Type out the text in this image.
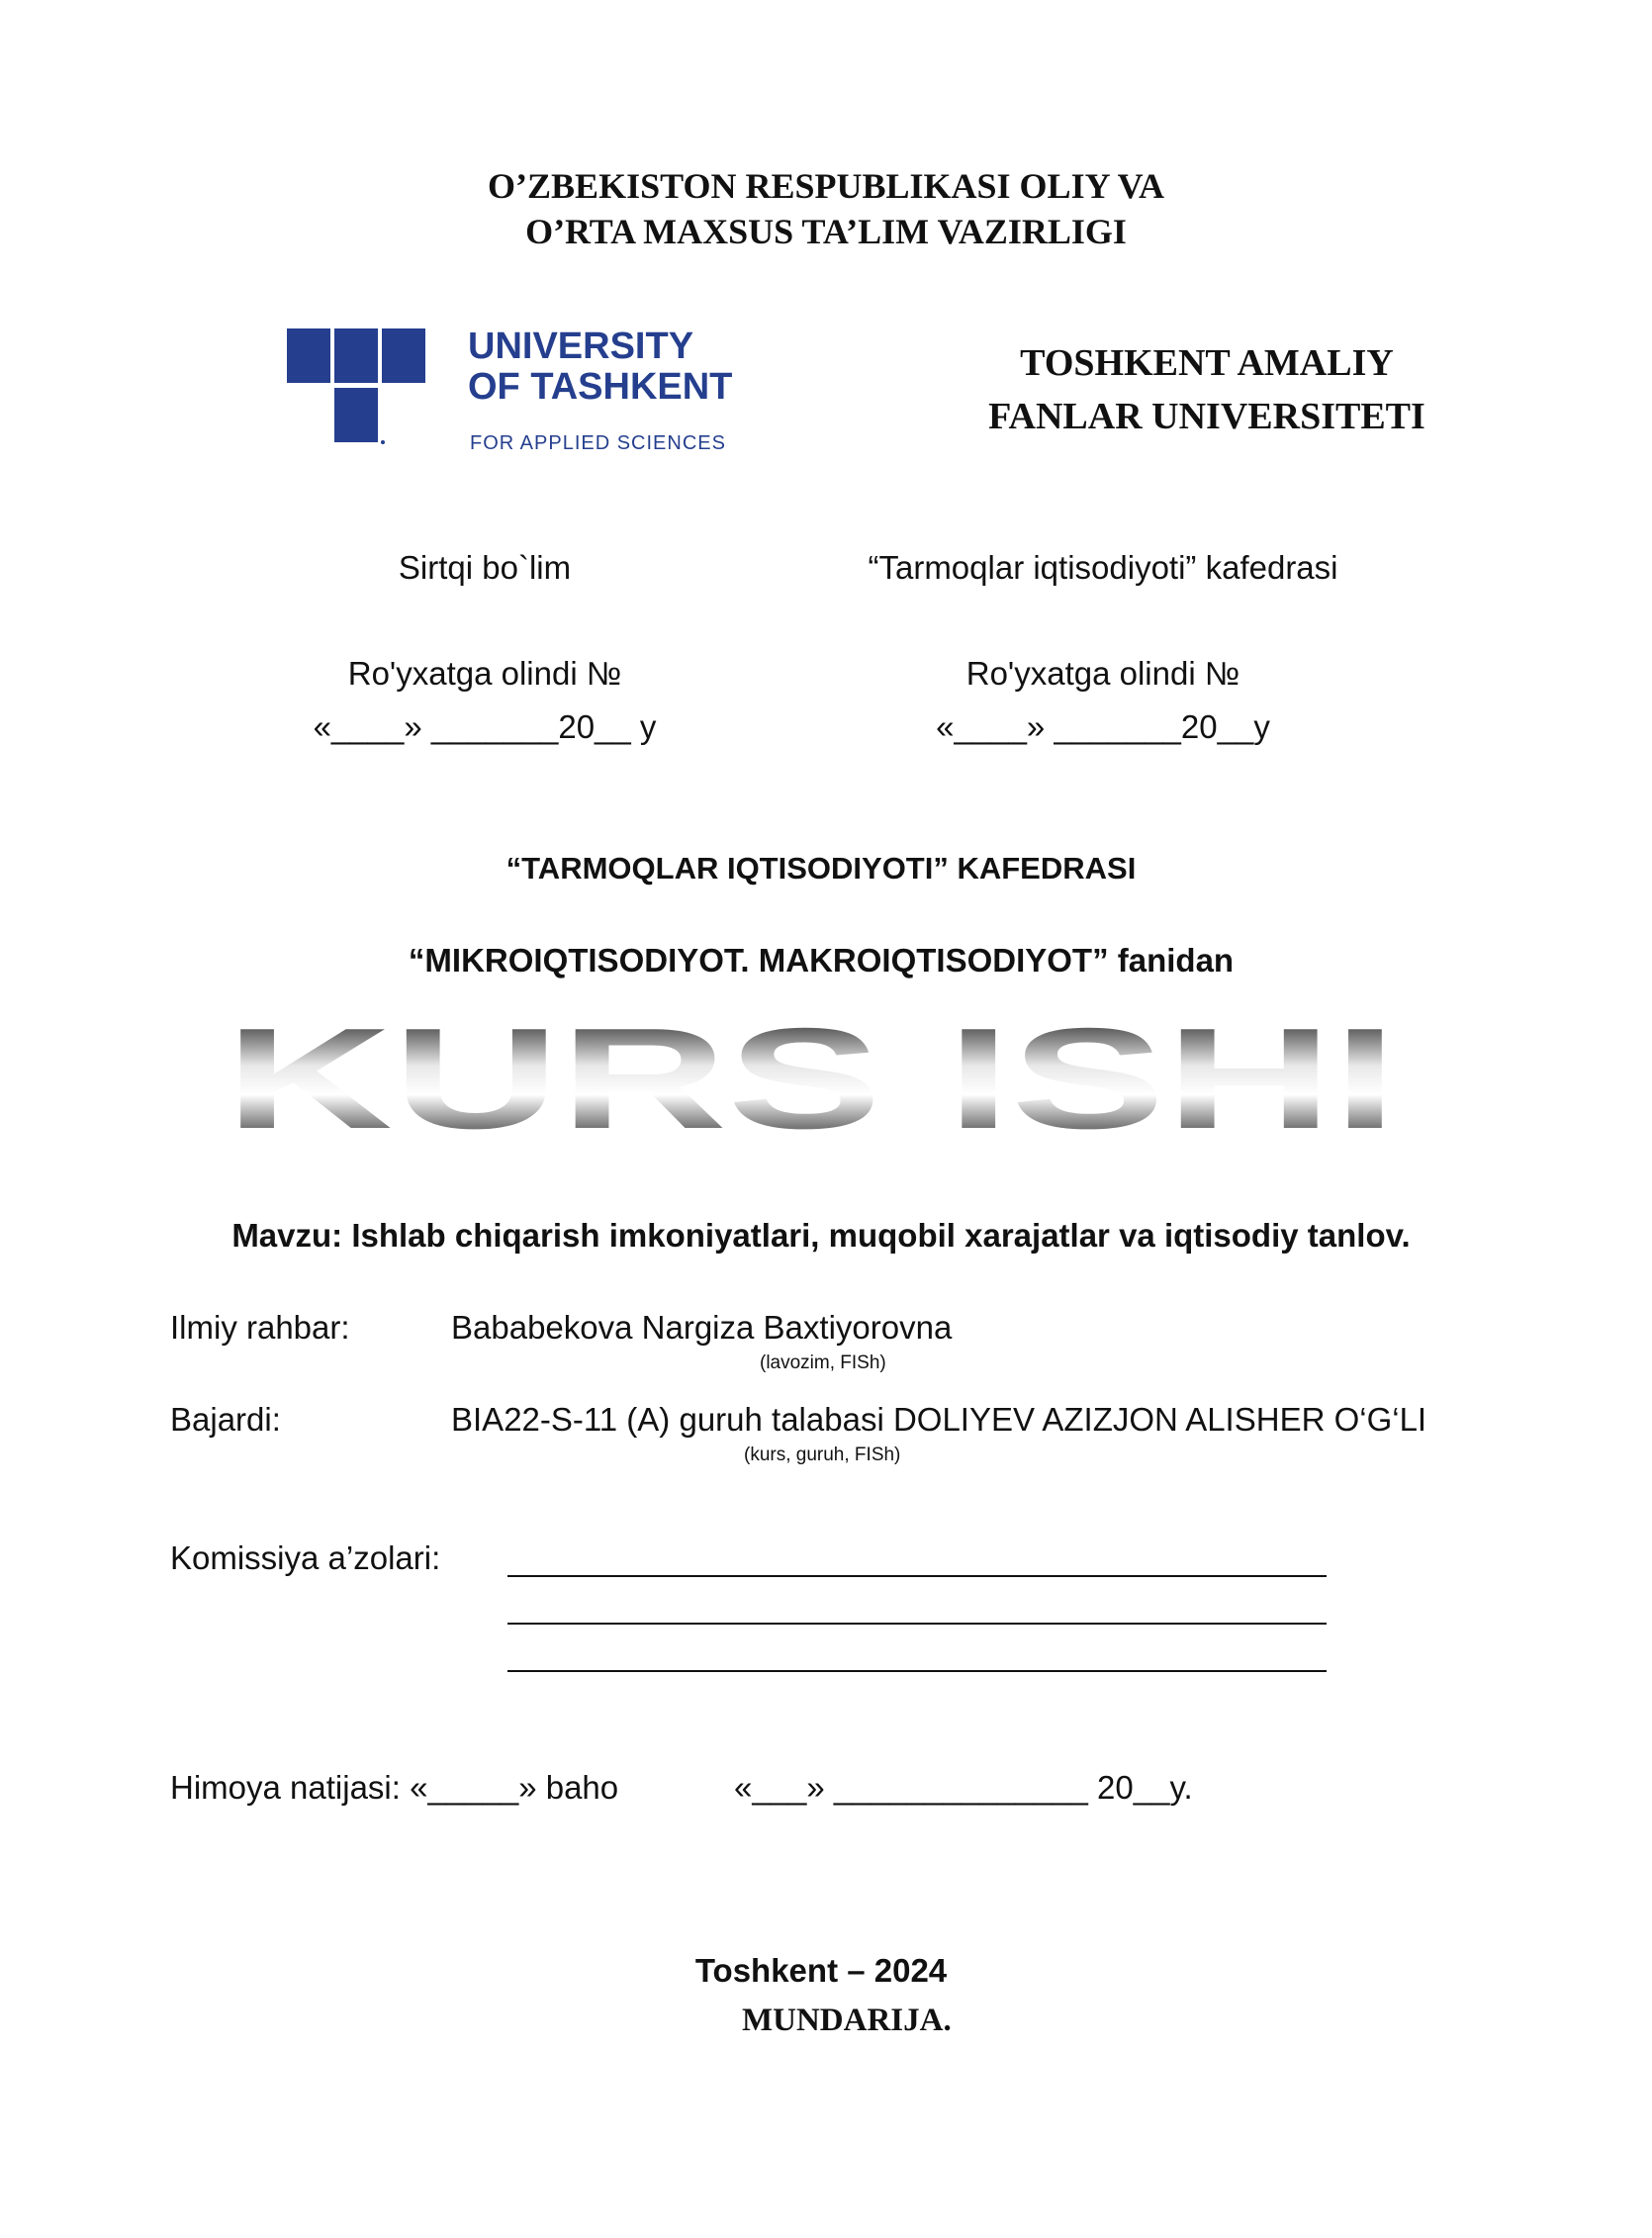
O’ZBEKISTON RESPUBLIKASI OLIY VA
O’RTA MAXSUS TA’LIM VAZIRLIGI
UNIVERSITY
OF TASHKENT
FOR APPLIED SCIENCES
TOSHKENT AMALIY
FANLAR UNIVERSITETI
Sirtqi bo`lim
Ro'yxatga olindi №
«____» _______20__ y
“Tarmoqlar iqtisodiyoti” kafedrasi
Ro'yxatga olindi №
«____» _______20__y
“TARMOQLAR IQTISODIYOTI” KAFEDRASI
“MIKROIQTISODIYOT. MAKROIQTISODIYOT” fanidan
KURS ISHI
Mavzu: Ishlab chiqarish imkoniyatlari, muqobil xarajatlar va iqtisodiy tanlov.
Ilmiy rahbar:	Bababekova Nargiza Baxtiyorovna
(lavozim, FISh)
Bajardi:	BIA22-S-11 (A) guruh talabasi DOLIYEV AZIZJON ALISHER O‘G‘LI
(kurs, guruh, FISh)
Komissiya a’zolari:
Himoya natijasi: «_____» baho	«___» ______________ 20__y.
Toshkent – 2024
MUNDARIJA.
